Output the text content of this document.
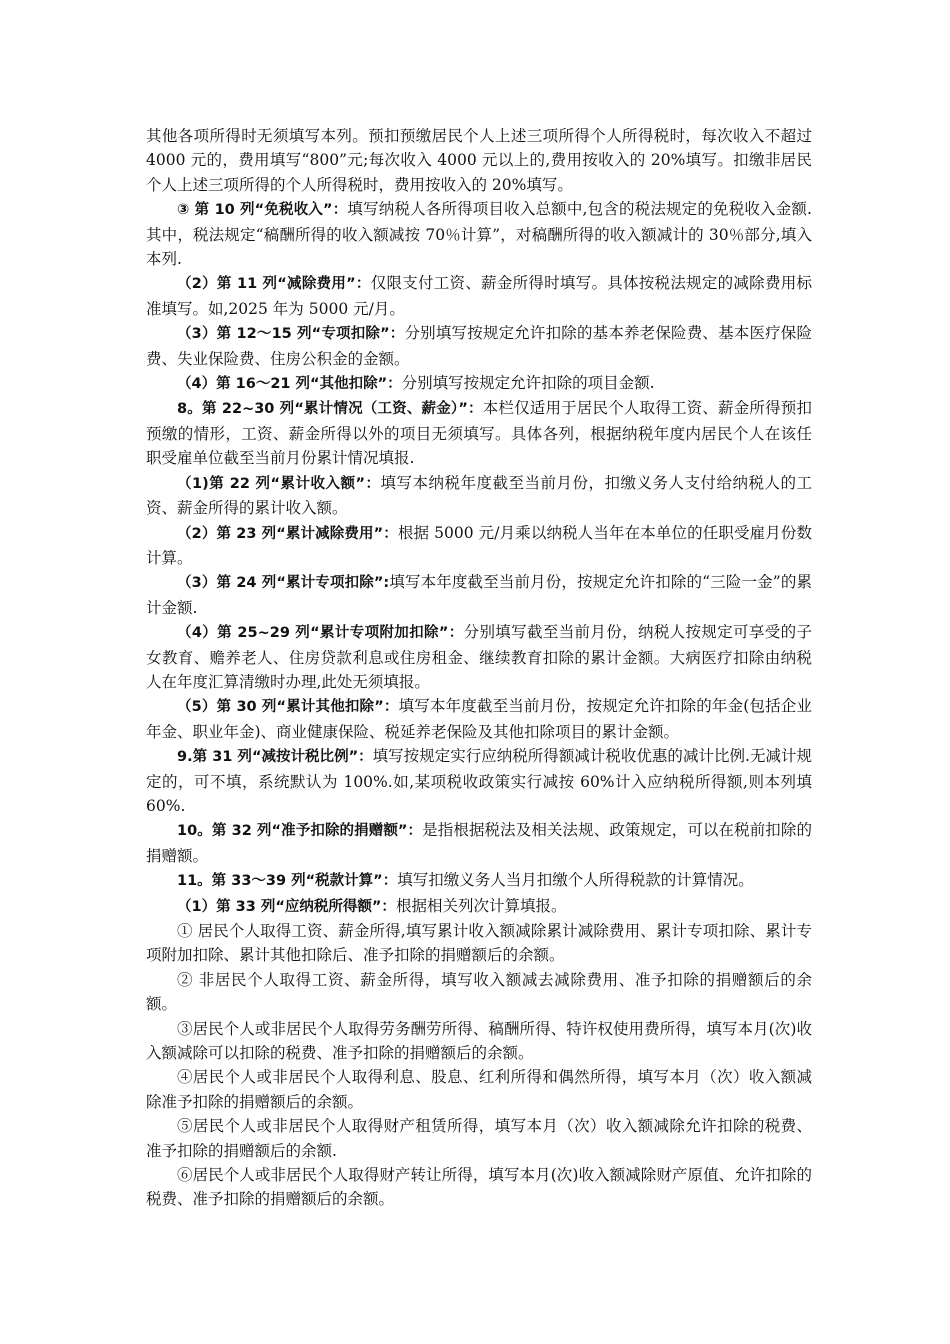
其他各项所得时无须填写本列。预扣预缴居民个人上述三项所得个人所得税时，每次收入不超过 4000 元的，费用填写“800”元;每次收入 4000 元以上的,费用按收入的 20%填写。扣缴非居民个人上述三项所得的个人所得税时，费用按收入的 20%填写。

③ 第 10 列“免税收入”：填写纳税人各所得项目收入总额中,包含的税法规定的免税收入金额.其中，税法规定“稿酬所得的收入额减按 70％计算”，对稿酬所得的收入额减计的 30％部分,填入本列.

（2）第 11 列“减除费用”：仅限支付工资、薪金所得时填写。具体按税法规定的减除费用标准填写。如,2025 年为 5000 元/月。

（3）第 12～15 列“专项扣除”：分别填写按规定允许扣除的基本养老保险费、基本医疗保险费、失业保险费、住房公积金的金额。

（4）第 16～21 列“其他扣除”：分别填写按规定允许扣除的项目金额.

8。第 22~30 列“累计情况（工资、薪金）”：本栏仅适用于居民个人取得工资、薪金所得预扣预缴的情形，工资、薪金所得以外的项目无须填写。具体各列，根据纳税年度内居民个人在该任职受雇单位截至当前月份累计情况填报.

（1)第 22 列“累计收入额”：填写本纳税年度截至当前月份，扣缴义务人支付给纳税人的工资、薪金所得的累计收入额。

（2）第 23 列“累计减除费用”：根据 5000 元/月乘以纳税人当年在本单位的任职受雇月份数计算。

（3）第 24 列“累计专项扣除”:填写本年度截至当前月份，按规定允许扣除的“三险一金”的累计金额.

（4）第 25~29 列“累计专项附加扣除”：分别填写截至当前月份，纳税人按规定可享受的子女教育、赡养老人、住房贷款利息或住房租金、继续教育扣除的累计金额。大病医疗扣除由纳税人在年度汇算清缴时办理,此处无须填报。

（5）第 30 列“累计其他扣除”：填写本年度截至当前月份，按规定允许扣除的年金(包括企业年金、职业年金)、商业健康保险、税延养老保险及其他扣除项目的累计金额。

9.第 31 列“减按计税比例”：填写按规定实行应纳税所得额减计税收优惠的减计比例.无减计规定的，可不填，系统默认为 100%.如,某项税收政策实行减按 60%计入应纳税所得额,则本列填 60%.

10。第 32 列“准予扣除的捐赠额”：是指根据税法及相关法规、政策规定，可以在税前扣除的捐赠额。

11。第 33～39 列“税款计算”：填写扣缴义务人当月扣缴个人所得税款的计算情况。

（1）第 33 列“应纳税所得额”：根据相关列次计算填报。

① 居民个人取得工资、薪金所得,填写累计收入额减除累计减除费用、累计专项扣除、累计专项附加扣除、累计其他扣除后、准予扣除的捐赠额后的余额。

② 非居民个人取得工资、薪金所得，填写收入额减去减除费用、准予扣除的捐赠额后的余额。

③居民个人或非居民个人取得劳务酬劳所得、稿酬所得、特许权使用费所得，填写本月(次)收入额减除可以扣除的税费、准予扣除的捐赠额后的余额。

④居民个人或非居民个人取得利息、股息、红利所得和偶然所得，填写本月（次）收入额减除准予扣除的捐赠额后的余额。

⑤居民个人或非居民个人取得财产租赁所得，填写本月（次）收入额减除允许扣除的税费、准予扣除的捐赠额后的余额.

⑥居民个人或非居民个人取得财产转让所得，填写本月(次)收入额减除财产原值、允许扣除的税费、准予扣除的捐赠额后的余额。
